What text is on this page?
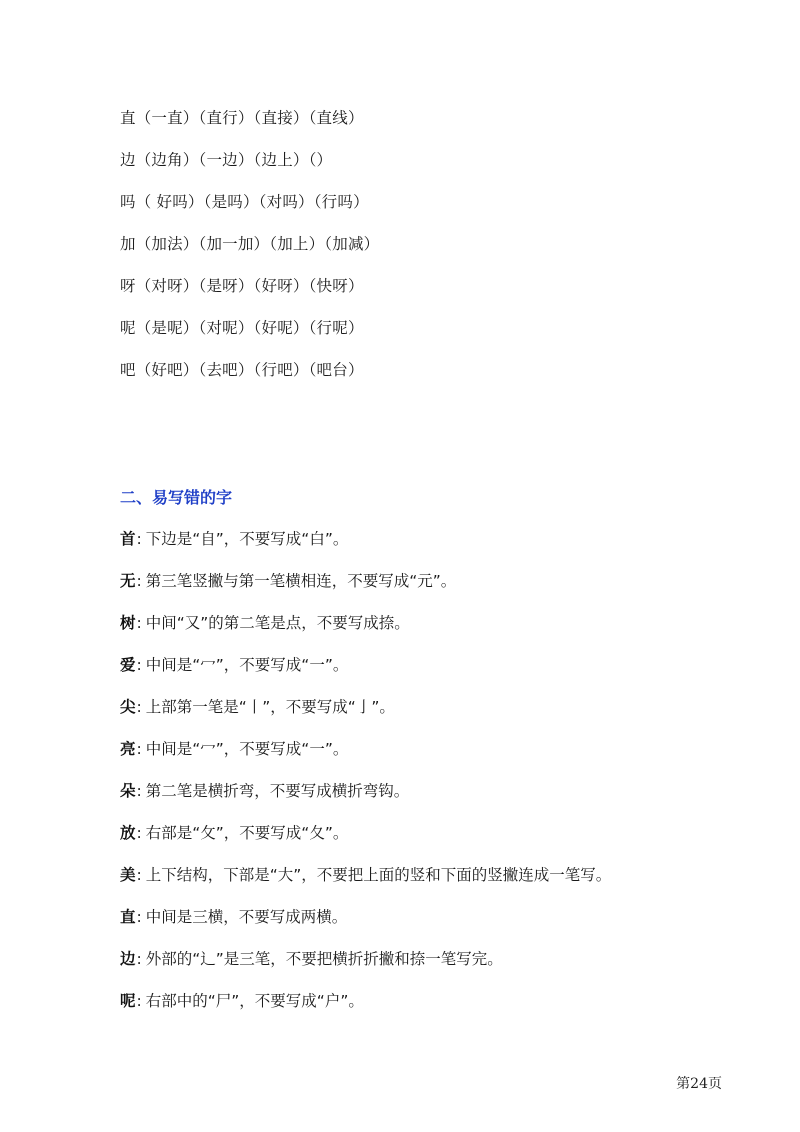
直（一直）（直行）（直接）（直线）
边（边角）（一边）（边上）（）
吗（ 好吗）（是吗）（对吗）（行吗）
加（加法）（加一加）（加上）（加减）
呀（对呀）（是呀）（好呀）（快呀）
呢（是呢）（对呢）（好呢）（行呢）
吧（好吧）（去吧）（行吧）（吧台）
二、易写错的字
首: 下边是“自”，不要写成“白”。
无: 第三笔竖撇与第一笔横相连，不要写成“元”。
树: 中间“又”的第二笔是点，不要写成捺。
爱: 中间是“冖”，不要写成“一”。
尖: 上部第一笔是“丨”，不要写成“亅”。
亮: 中间是“冖”，不要写成“一”。
朵: 第二笔是横折弯，不要写成横折弯钩。
放: 右部是“攵”，不要写成“夂”。
美: 上下结构，下部是“大”，不要把上面的竖和下面的竖撇连成一笔写。
直: 中间是三横，不要写成两横。
边: 外部的“辶”是三笔，不要把横折折撇和捺一笔写完。
呢: 右部中的“尸”，不要写成“户”。
第24页
